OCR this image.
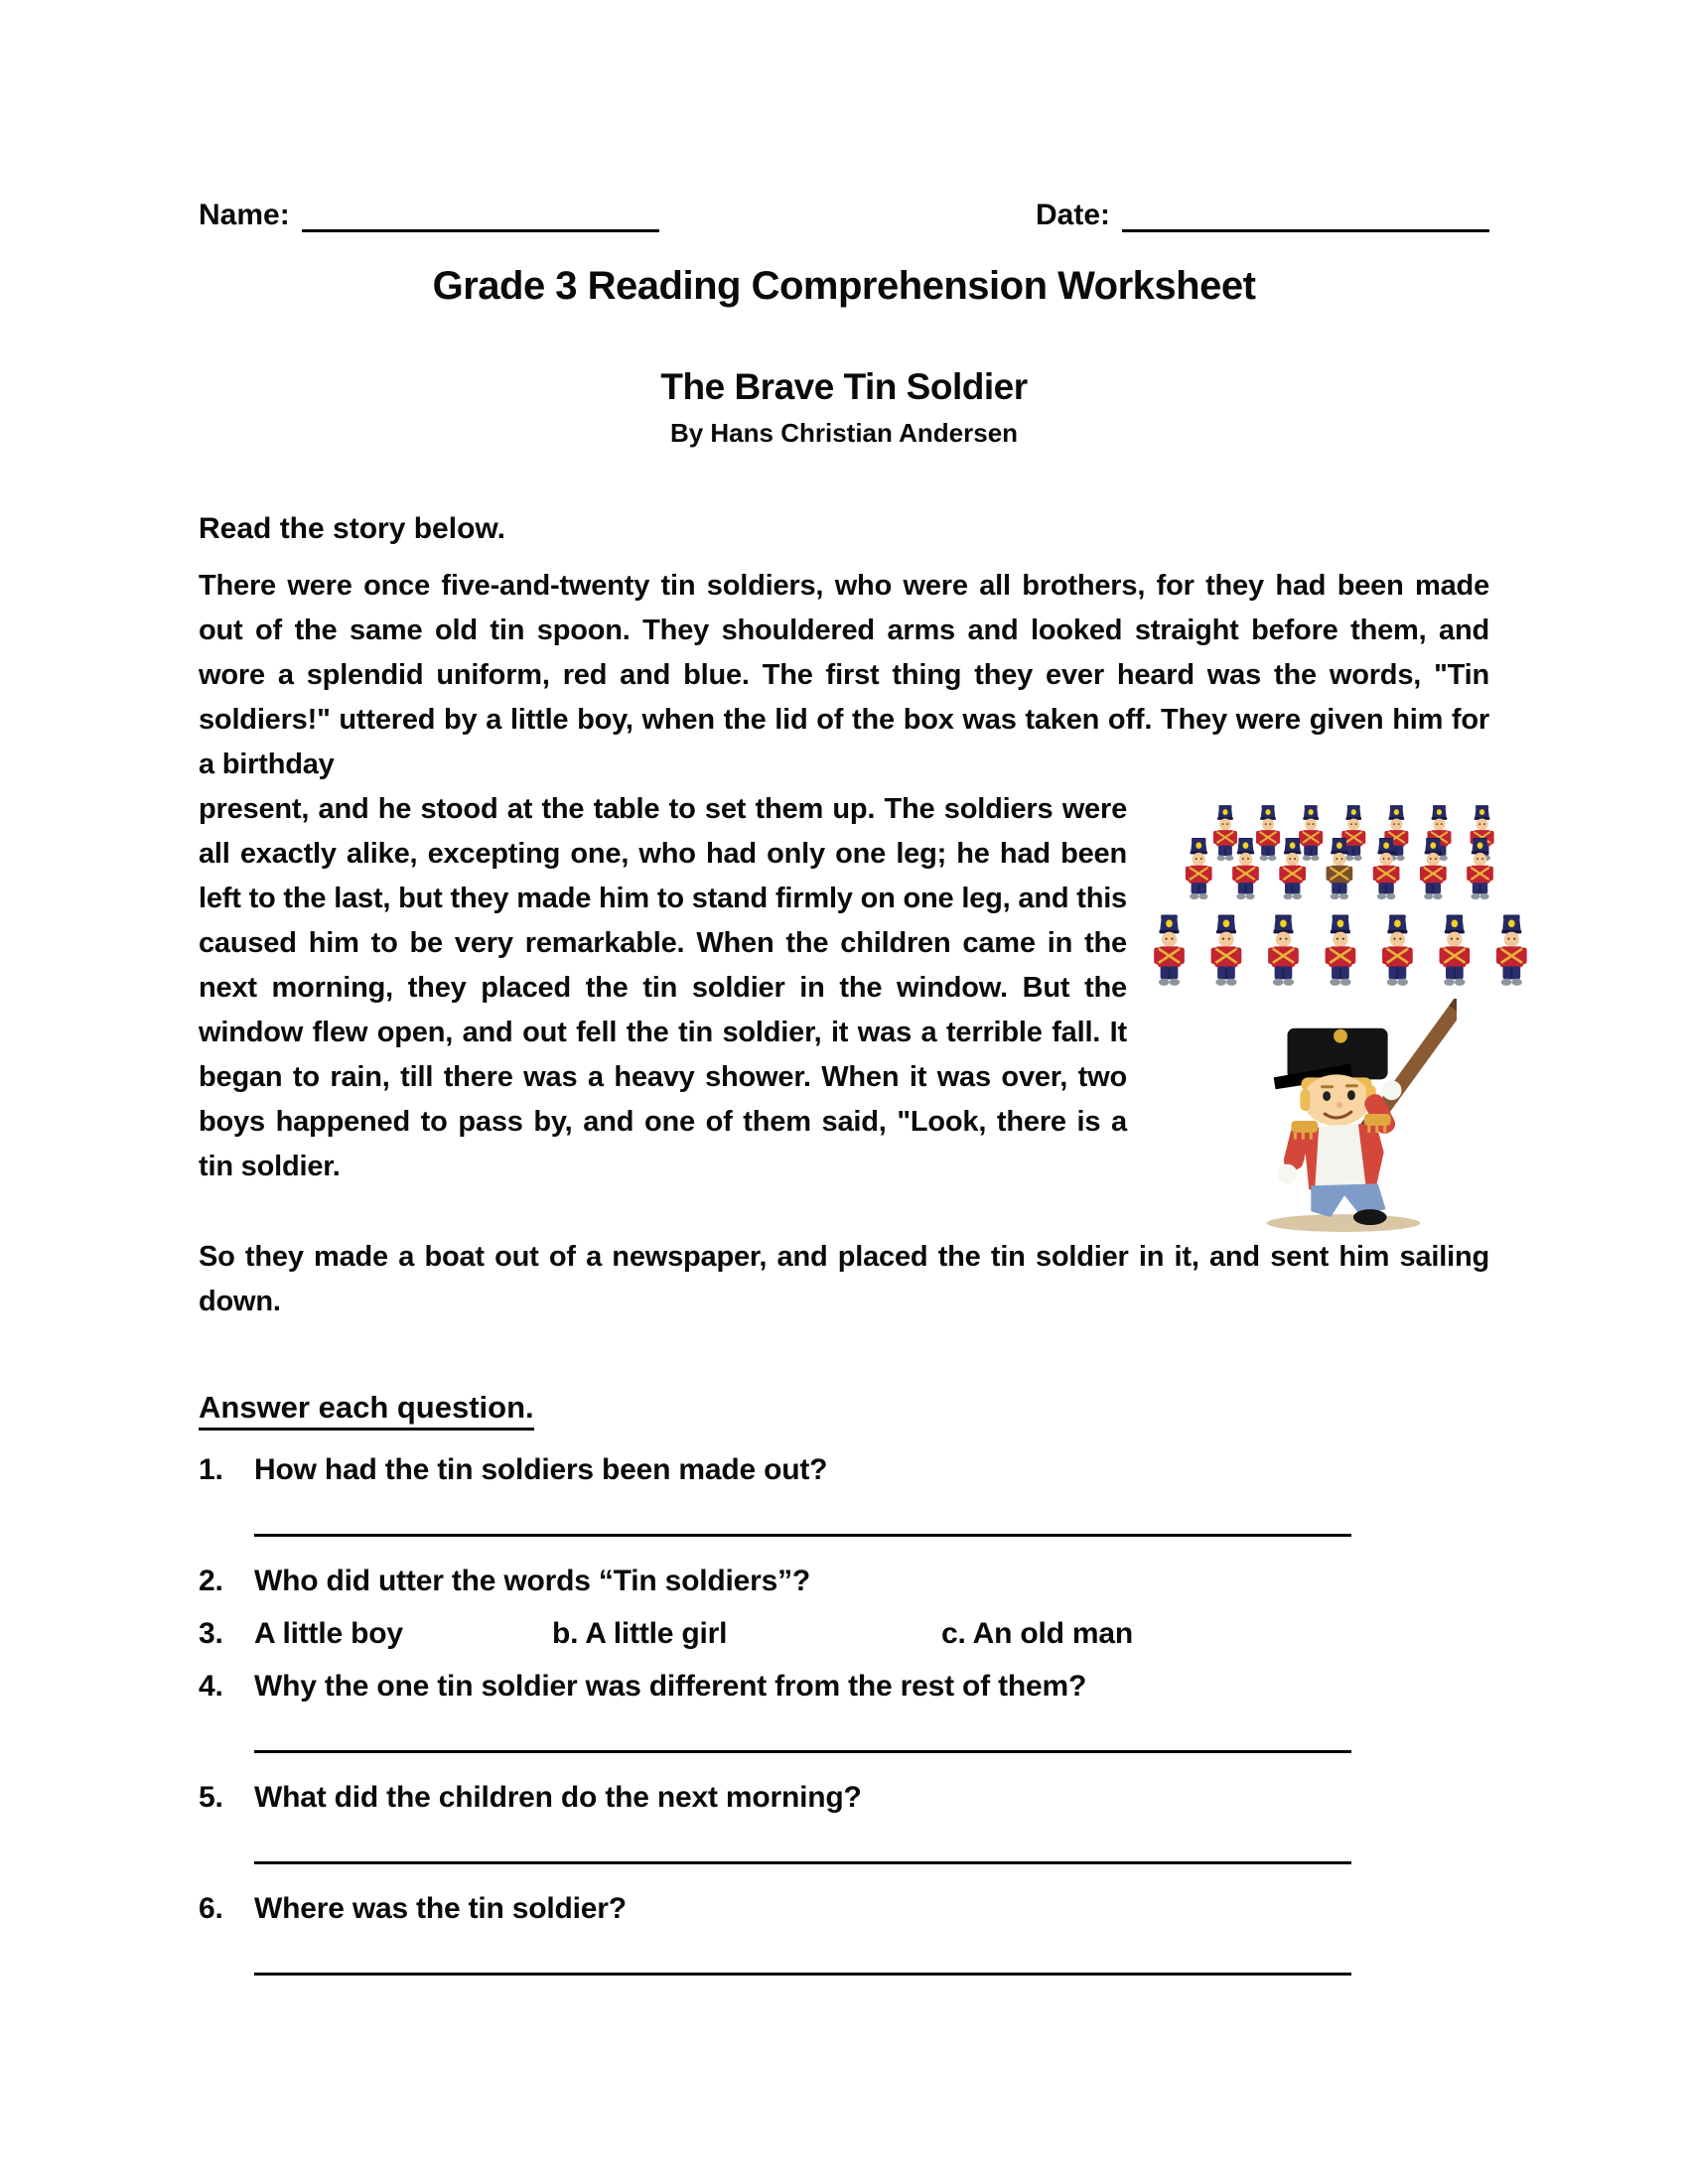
Name:	Date:
Grade 3 Reading Comprehension Worksheet
The Brave Tin Soldier
By Hans Christian Andersen
Read the story below.

There were once five-and-twenty tin soldiers, who were all brothers, for they had been made out of the same old tin spoon. They shouldered arms and looked straight before them, and wore a splendid uniform, red and blue. The first thing they ever heard was the words, "Tin soldiers!" uttered by a little boy, when the lid of the box was taken off. They were given him for a birthday

present, and he stood at the table to set them up. The soldiers were all exactly alike, excepting one, who had only one leg; he had been left to the last, but they made him to stand firmly on one leg, and this caused him to be very remarkable. When the children came in the next morning, they placed the tin soldier in the window. But the window flew open, and out fell the tin soldier, it was a terrible fall. It began to rain, till there was a heavy shower. When it was over, two boys happened to pass by, and one of them said, "Look, there is a tin soldier.

So they made a boat out of a newspaper, and placed the tin soldier in it, and sent him sailing down.

Answer each question.
1.	How had the tin soldiers been made out?
2.	Who did utter the words “Tin soldiers”?
3.	A little boy	b. A little girl	c. An old man
4.	Why the one tin soldier was different from the rest of them?
5.	What did the children do the next morning?
6.	Where was the tin soldier?
